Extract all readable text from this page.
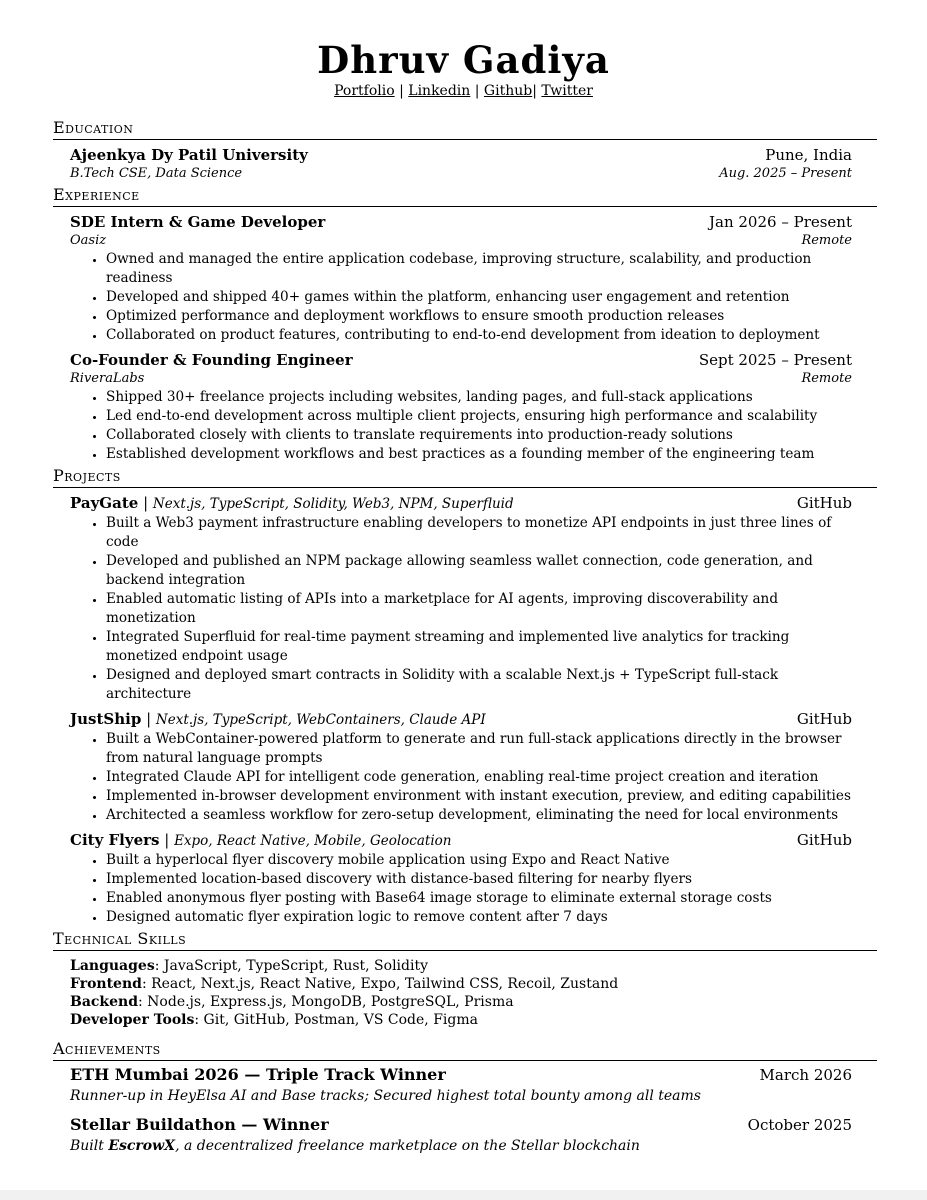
Dhruv Gadiya
Portfolio | Linkedin | Github| Twitter
Education
Ajeenkya Dy Patil University	Pune, India
B.Tech CSE, Data Science	Aug. 2025 – Present
Experience
SDE Intern & Game Developer	Jan 2026 – Present
Oasiz	Remote
• Owned and managed the entire application codebase, improving structure, scalability, and production readiness
• Developed and shipped 40+ games within the platform, enhancing user engagement and retention
• Optimized performance and deployment workflows to ensure smooth production releases
• Collaborated on product features, contributing to end-to-end development from ideation to deployment
Co-Founder & Founding Engineer	Sept 2025 – Present
RiveraLabs	Remote
• Shipped 30+ freelance projects including websites, landing pages, and full-stack applications
• Led end-to-end development across multiple client projects, ensuring high performance and scalability
• Collaborated closely with clients to translate requirements into production-ready solutions
• Established development workflows and best practices as a founding member of the engineering team
Projects
PayGate | Next.js, TypeScript, Solidity, Web3, NPM, Superfluid	GitHub
• Built a Web3 payment infrastructure enabling developers to monetize API endpoints in just three lines of code
• Developed and published an NPM package allowing seamless wallet connection, code generation, and backend integration
• Enabled automatic listing of APIs into a marketplace for AI agents, improving discoverability and monetization
• Integrated Superfluid for real-time payment streaming and implemented live analytics for tracking monetized endpoint usage
• Designed and deployed smart contracts in Solidity with a scalable Next.js + TypeScript full-stack architecture
JustShip | Next.js, TypeScript, WebContainers, Claude API	GitHub
• Built a WebContainer-powered platform to generate and run full-stack applications directly in the browser from natural language prompts
• Integrated Claude API for intelligent code generation, enabling real-time project creation and iteration
• Implemented in-browser development environment with instant execution, preview, and editing capabilities
• Architected a seamless workflow for zero-setup development, eliminating the need for local environments
City Flyers | Expo, React Native, Mobile, Geolocation	GitHub
• Built a hyperlocal flyer discovery mobile application using Expo and React Native
• Implemented location-based discovery with distance-based filtering for nearby flyers
• Enabled anonymous flyer posting with Base64 image storage to eliminate external storage costs
• Designed automatic flyer expiration logic to remove content after 7 days
Technical Skills
Languages: JavaScript, TypeScript, Rust, Solidity
Frontend: React, Next.js, React Native, Expo, Tailwind CSS, Recoil, Zustand
Backend: Node.js, Express.js, MongoDB, PostgreSQL, Prisma
Developer Tools: Git, GitHub, Postman, VS Code, Figma
Achievements
ETH Mumbai 2026 — Triple Track Winner	March 2026
Runner-up in HeyElsa AI and Base tracks; Secured highest total bounty among all teams
Stellar Buildathon — Winner	October 2025
Built EscrowX, a decentralized freelance marketplace on the Stellar blockchain
